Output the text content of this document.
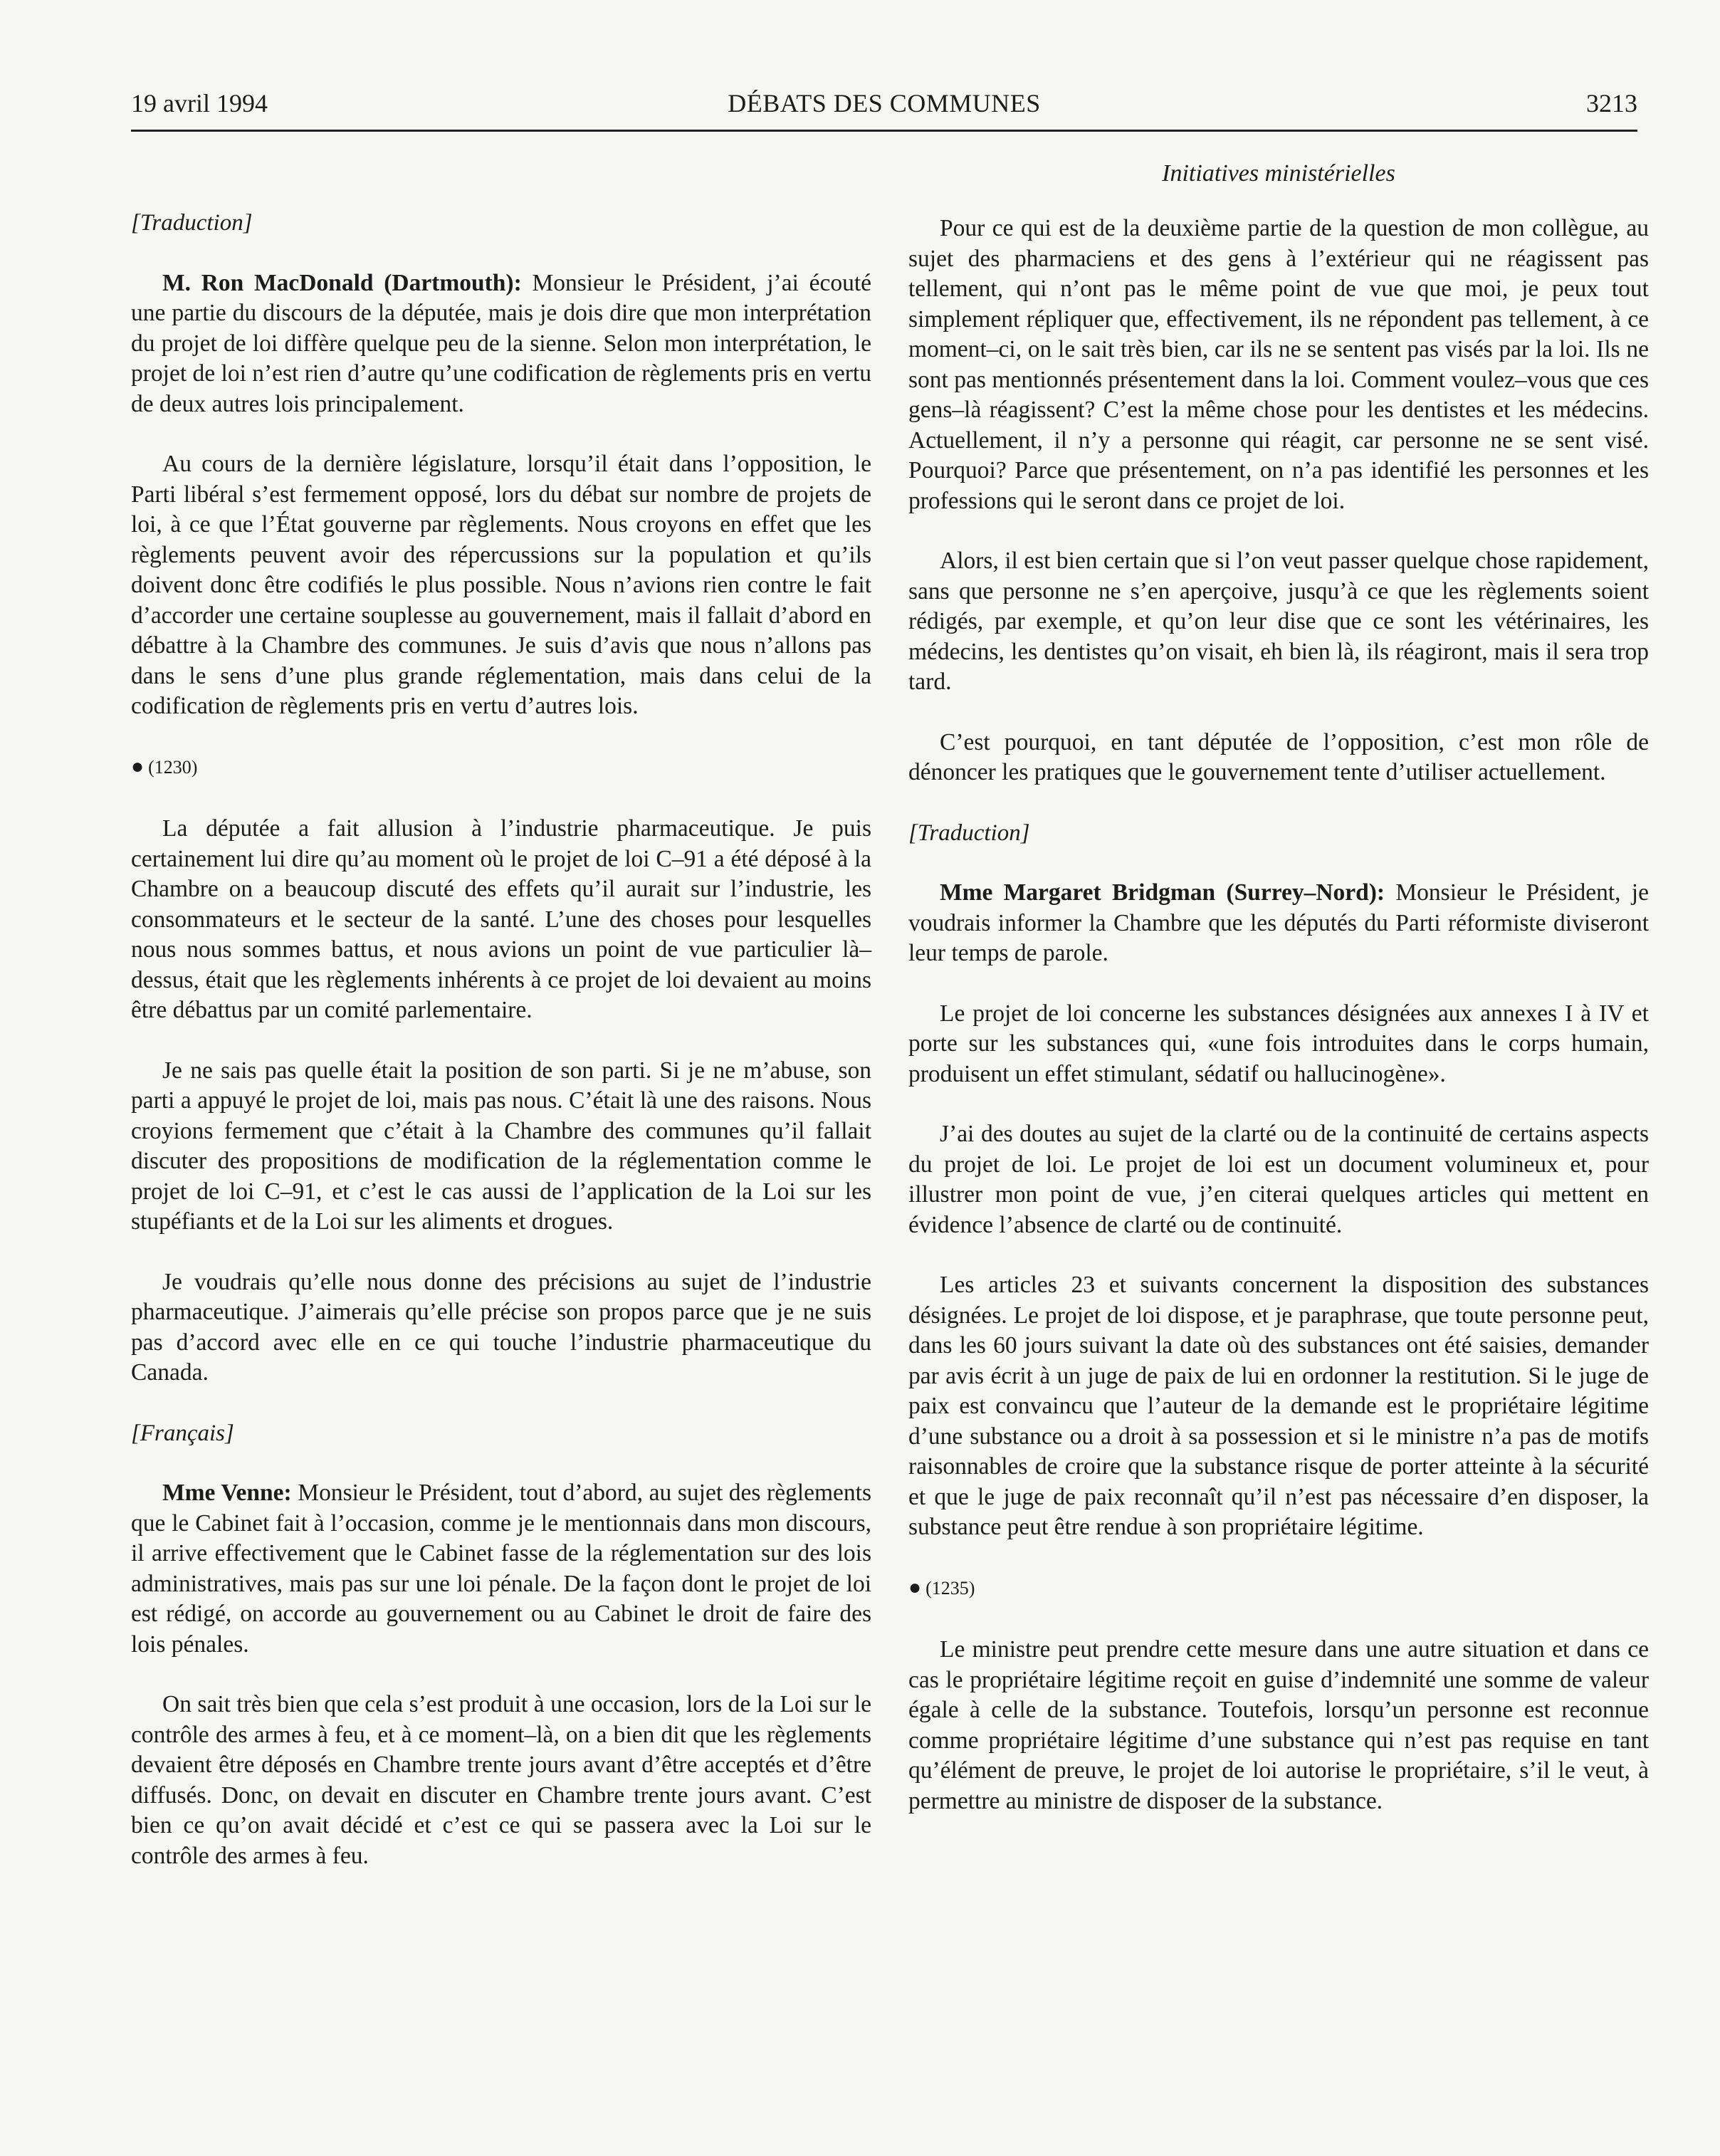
19 avril 1994	DÉBATS DES COMMUNES	3213
Initiatives ministérielles

[Traduction]

M. Ron MacDonald (Dartmouth): Monsieur le Président, j’ai écouté une partie du discours de la députée, mais je dois dire que mon interprétation du projet de loi diffère quelque peu de la sienne. Selon mon interprétation, le projet de loi n’est rien d’autre qu’une codification de règlements pris en vertu de deux autres lois principalement.

Au cours de la dernière législature, lorsqu’il était dans l’opposition, le Parti libéral s’est fermement opposé, lors du débat sur nombre de projets de loi, à ce que l’État gouverne par règlements. Nous croyons en effet que les règlements peuvent avoir des répercussions sur la population et qu’ils doivent donc être codifiés le plus possible. Nous n’avions rien contre le fait d’accorder une certaine souplesse au gouvernement, mais il fallait d’abord en débattre à la Chambre des communes. Je suis d’avis que nous n’allons pas dans le sens d’une plus grande réglementation, mais dans celui de la codification de règlements pris en vertu d’autres lois.

● (1230)

La députée a fait allusion à l’industrie pharmaceutique. Je puis certainement lui dire qu’au moment où le projet de loi C–91 a été déposé à la Chambre on a beaucoup discuté des effets qu’il aurait sur l’industrie, les consommateurs et le secteur de la santé. L’une des choses pour lesquelles nous nous sommes battus, et nous avions un point de vue particulier là–dessus, était que les règlements inhérents à ce projet de loi devaient au moins être débattus par un comité parlementaire.

Je ne sais pas quelle était la position de son parti. Si je ne m’abuse, son parti a appuyé le projet de loi, mais pas nous. C’était là une des raisons. Nous croyions fermement que c’était à la Chambre des communes qu’il fallait discuter des propositions de modification de la réglementation comme le projet de loi C–91, et c’est le cas aussi de l’application de la Loi sur les stupéfiants et de la Loi sur les aliments et drogues.

Je voudrais qu’elle nous donne des précisions au sujet de l’industrie pharmaceutique. J’aimerais qu’elle précise son propos parce que je ne suis pas d’accord avec elle en ce qui touche l’industrie pharmaceutique du Canada.

[Français]

Mme Venne: Monsieur le Président, tout d’abord, au sujet des règlements que le Cabinet fait à l’occasion, comme je le mentionnais dans mon discours, il arrive effectivement que le Cabinet fasse de la réglementation sur des lois administratives, mais pas sur une loi pénale. De la façon dont le projet de loi est rédigé, on accorde au gouvernement ou au Cabinet le droit de faire des lois pénales.

On sait très bien que cela s’est produit à une occasion, lors de la Loi sur le contrôle des armes à feu, et à ce moment–là, on a bien dit que les règlements devaient être déposés en Chambre trente jours avant d’être acceptés et d’être diffusés. Donc, on devait en discuter en Chambre trente jours avant. C’est bien ce qu’on avait décidé et c’est ce qui se passera avec la Loi sur le contrôle des armes à feu.

Pour ce qui est de la deuxième partie de la question de mon collègue, au sujet des pharmaciens et des gens à l’extérieur qui ne réagissent pas tellement, qui n’ont pas le même point de vue que moi, je peux tout simplement répliquer que, effectivement, ils ne répondent pas tellement, à ce moment–ci, on le sait très bien, car ils ne se sentent pas visés par la loi. Ils ne sont pas mentionnés présentement dans la loi. Comment voulez–vous que ces gens–là réagissent? C’est la même chose pour les dentistes et les médecins. Actuellement, il n’y a personne qui réagit, car personne ne se sent visé. Pourquoi? Parce que présentement, on n’a pas identifié les personnes et les professions qui le seront dans ce projet de loi.

Alors, il est bien certain que si l’on veut passer quelque chose rapidement, sans que personne ne s’en aperçoive, jusqu’à ce que les règlements soient rédigés, par exemple, et qu’on leur dise que ce sont les vétérinaires, les médecins, les dentistes qu’on visait, eh bien là, ils réagiront, mais il sera trop tard.

C’est pourquoi, en tant députée de l’opposition, c’est mon rôle de dénoncer les pratiques que le gouvernement tente d’utiliser actuellement.

[Traduction]

Mme Margaret Bridgman (Surrey–Nord): Monsieur le Président, je voudrais informer la Chambre que les députés du Parti réformiste diviseront leur temps de parole.

Le projet de loi concerne les substances désignées aux annexes I à IV et porte sur les substances qui, «une fois introduites dans le corps humain, produisent un effet stimulant, sédatif ou hallucinogène».

J’ai des doutes au sujet de la clarté ou de la continuité de certains aspects du projet de loi. Le projet de loi est un document volumineux et, pour illustrer mon point de vue, j’en citerai quelques articles qui mettent en évidence l’absence de clarté ou de continuité.

Les articles 23 et suivants concernent la disposition des substances désignées. Le projet de loi dispose, et je paraphrase, que toute personne peut, dans les 60 jours suivant la date où des substances ont été saisies, demander par avis écrit à un juge de paix de lui en ordonner la restitution. Si le juge de paix est convaincu que l’auteur de la demande est le propriétaire légitime d’une substance ou a droit à sa possession et si le ministre n’a pas de motifs raisonnables de croire que la substance risque de porter atteinte à la sécurité et que le juge de paix reconnaît qu’il n’est pas nécessaire d’en disposer, la substance peut être rendue à son propriétaire légitime.

● (1235)

Le ministre peut prendre cette mesure dans une autre situation et dans ce cas le propriétaire légitime reçoit en guise d’indemnité une somme de valeur égale à celle de la substance. Toutefois, lorsqu’un personne est reconnue comme propriétaire légitime d’une substance qui n’est pas requise en tant qu’élément de preuve, le projet de loi autorise le propriétaire, s’il le veut, à permettre au ministre de disposer de la substance.
